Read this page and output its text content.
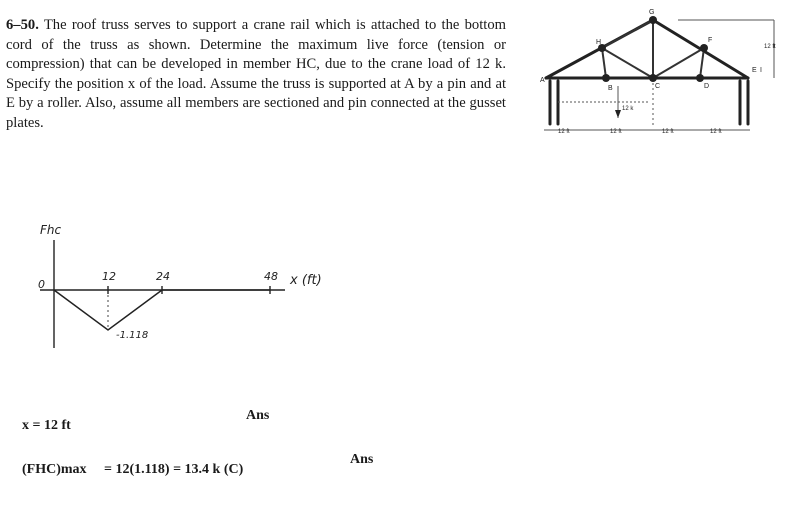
6–50. The roof truss serves to support a crane rail which is attached to the bottom cord of the truss as shown. Determine the maximum live force (tension or compression) that can be developed in member HC, due to the crane load of 12 k. Specify the position x of the load. Assume the truss is supported at A by a pin and at E by a roller. Also, assume all members are sectioned and pin connected at the gusset plates.
G
H	F
A
B	C	D
E I
12 k
12 ft
12 ft	12 ft	12 ft	12 ft
Fhc
x (ft)
0
12	24	48
-1.118
x = 12 ft
Ans
(FHC)max = 12(1.118) = 13.4 k (C)
Ans
